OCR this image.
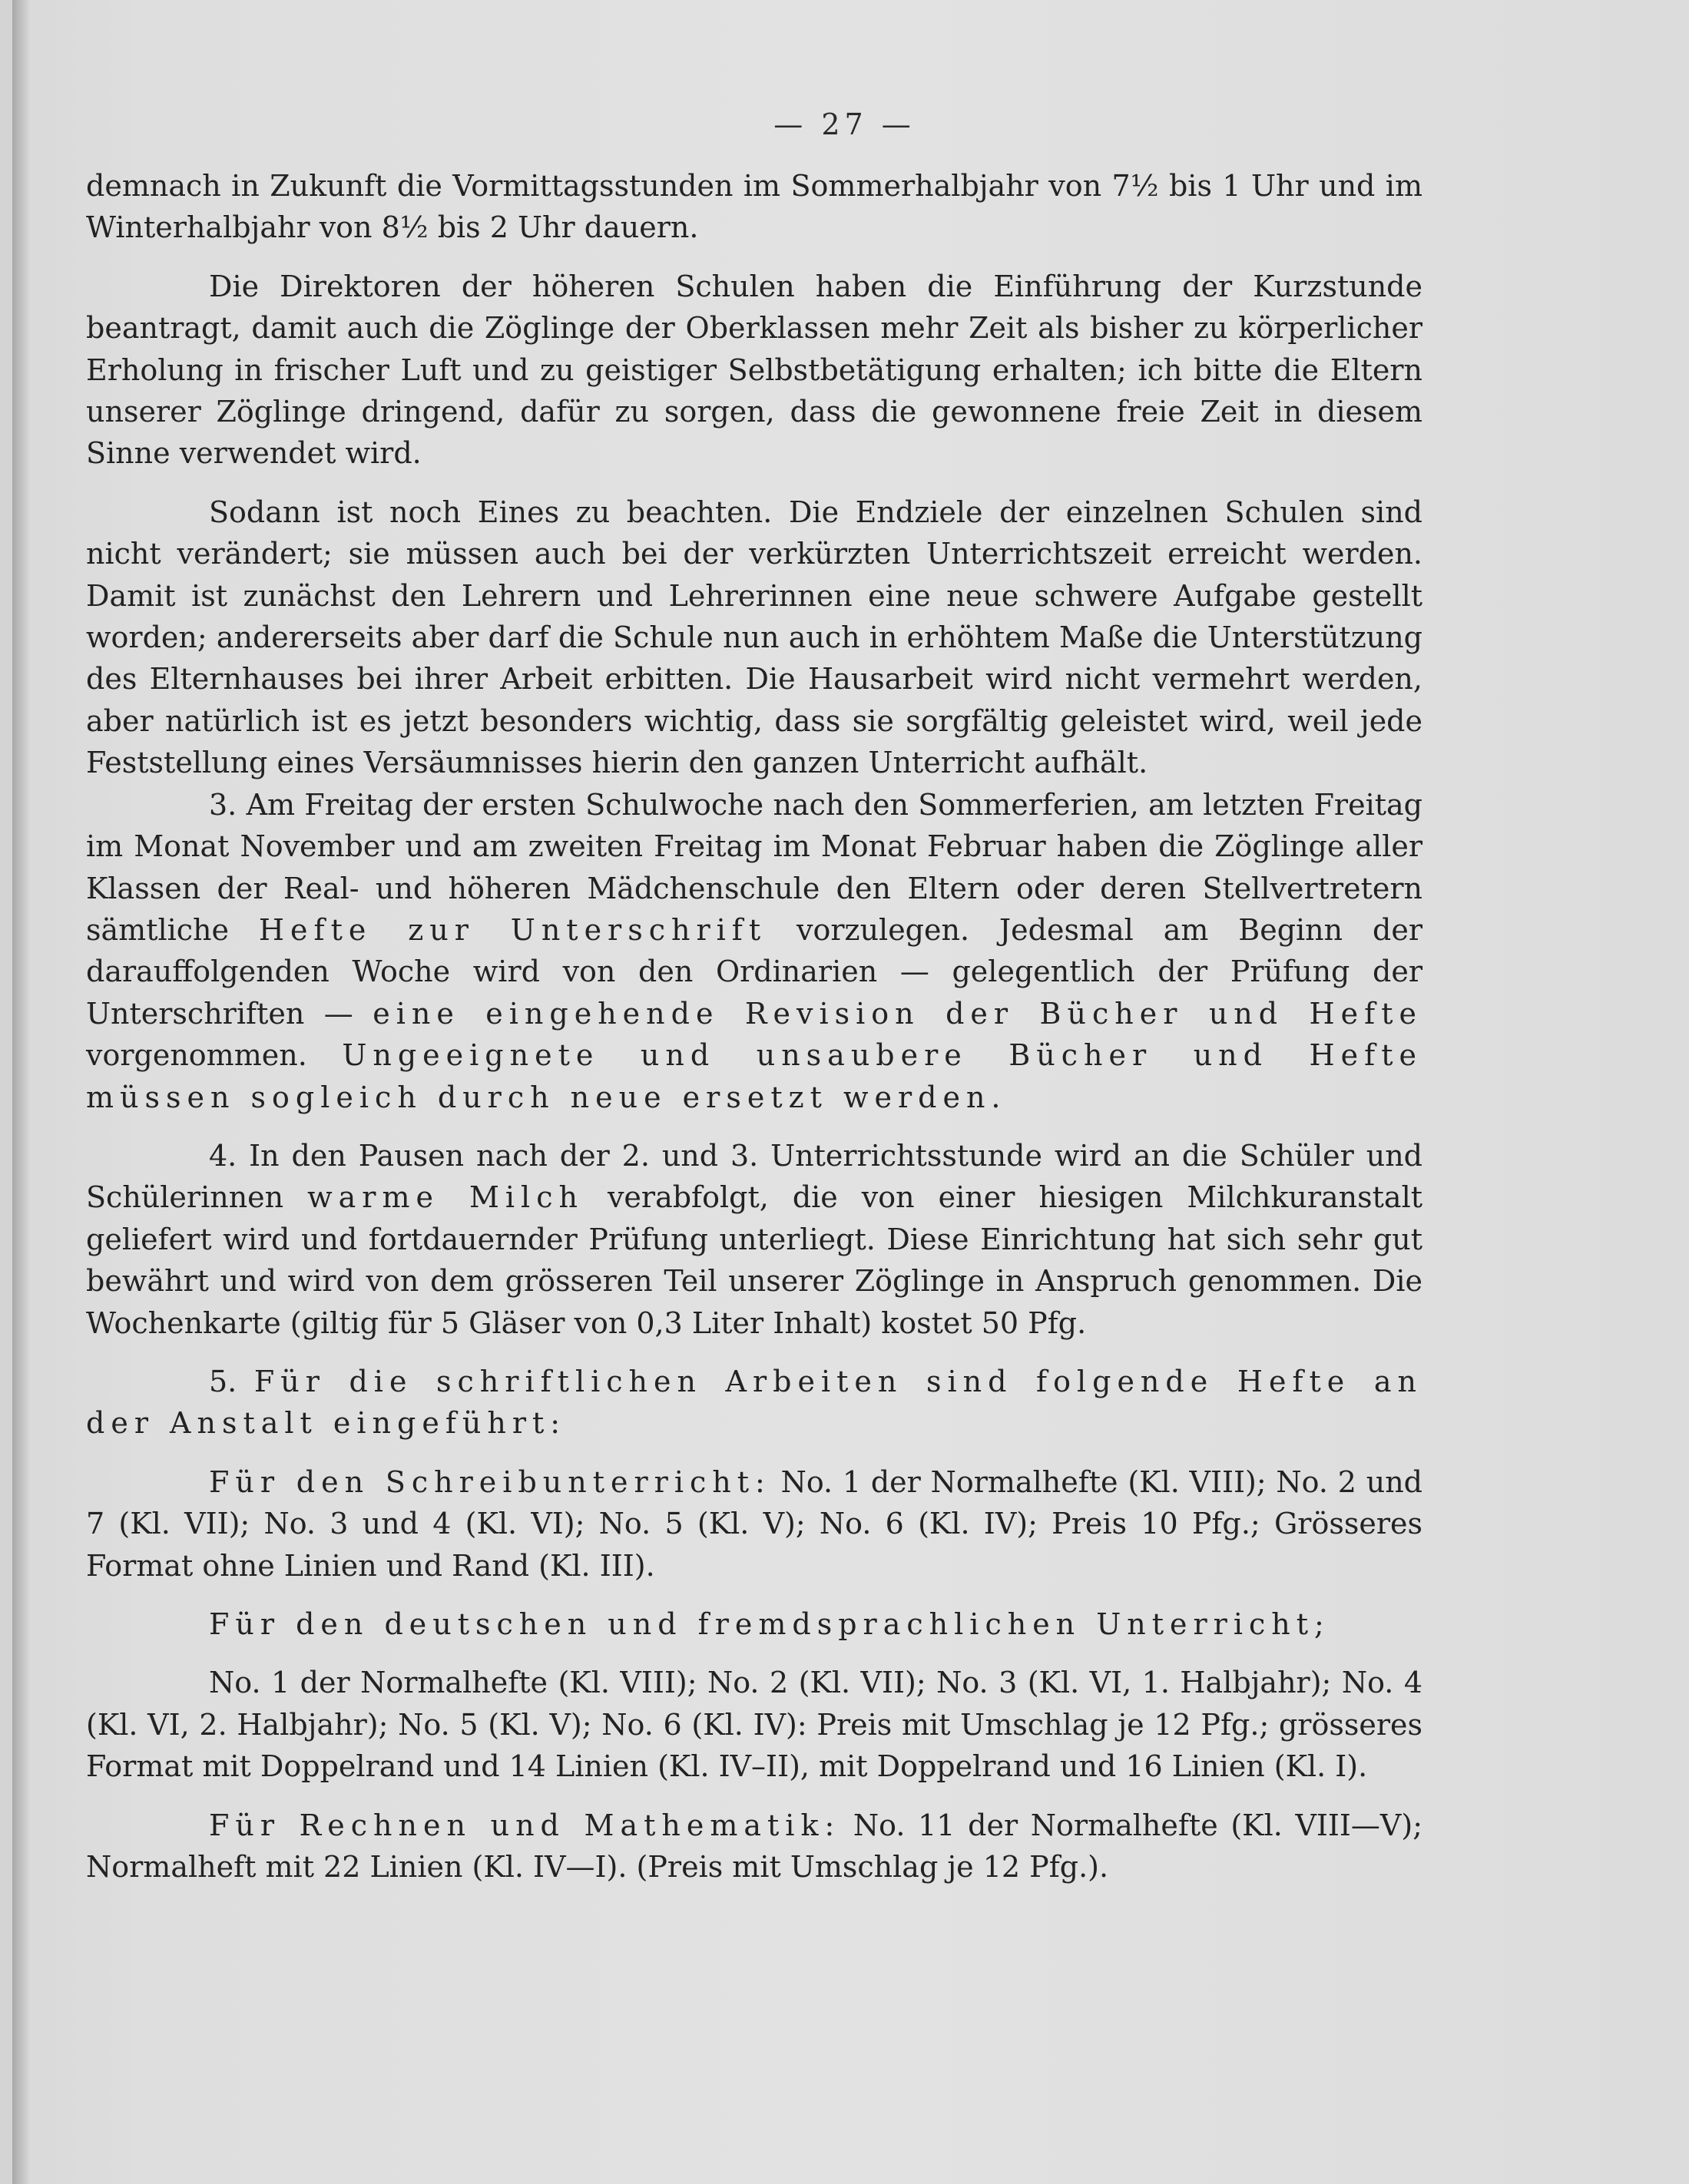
— 27 —

demnach in Zukunft die Vormittagsstunden im Sommerhalbjahr von 7½ bis 1 Uhr und im Winterhalbjahr von 8½ bis 2 Uhr dauern.

Die Direktoren der höheren Schulen haben die Einführung der Kurzstunde beantragt, damit auch die Zöglinge der Oberklassen mehr Zeit als bisher zu körperlicher Erholung in frischer Luft und zu geistiger Selbstbetätigung erhalten; ich bitte die Eltern unserer Zöglinge dringend, dafür zu sorgen, dass die gewonnene freie Zeit in diesem Sinne verwendet wird.

Sodann ist noch Eines zu beachten. Die Endziele der einzelnen Schulen sind nicht verändert; sie müssen auch bei der verkürzten Unterrichtszeit erreicht werden. Damit ist zunächst den Lehrern und Lehrerinnen eine neue schwere Aufgabe gestellt worden; andererseits aber darf die Schule nun auch in erhöhtem Maße die Unterstützung des Elternhauses bei ihrer Arbeit erbitten. Die Hausarbeit wird nicht vermehrt werden, aber natürlich ist es jetzt besonders wichtig, dass sie sorgfältig geleistet wird, weil jede Feststellung eines Versäumnisses hierin den ganzen Unterricht aufhält.

3. Am Freitag der ersten Schulwoche nach den Sommerferien, am letzten Freitag im Monat November und am zweiten Freitag im Monat Februar haben die Zöglinge aller Klassen der Real- und höheren Mädchenschule den Eltern oder deren Stellvertretern sämtliche Hefte zur Unterschrift vorzulegen. Jedesmal am Beginn der darauffolgenden Woche wird von den Ordinarien — gelegentlich der Prüfung der Unterschriften — eine eingehende Revision der Bücher und Hefte vorgenommen. Ungeeignete und unsaubere Bücher und Hefte müssen sogleich durch neue ersetzt werden.

4. In den Pausen nach der 2. und 3. Unterrichtsstunde wird an die Schüler und Schülerinnen warme Milch verabfolgt, die von einer hiesigen Milchkuranstalt geliefert wird und fortdauernder Prüfung unterliegt. Diese Einrichtung hat sich sehr gut bewährt und wird von dem grösseren Teil unserer Zöglinge in Anspruch genommen. Die Wochenkarte (giltig für 5 Gläser von 0,3 Liter Inhalt) kostet 50 Pfg.

5. Für die schriftlichen Arbeiten sind folgende Hefte an der Anstalt eingeführt:

Für den Schreibunterricht: No. 1 der Normalhefte (Kl. VIII); No. 2 und 7 (Kl. VII); No. 3 und 4 (Kl. VI); No. 5 (Kl. V); No. 6 (Kl. IV); Preis 10 Pfg.; Grösseres Format ohne Linien und Rand (Kl. III).

Für den deutschen und fremdsprachlichen Unterricht;

No. 1 der Normalhefte (Kl. VIII); No. 2 (Kl. VII); No. 3 (Kl. VI, 1. Halbjahr); No. 4 (Kl. VI, 2. Halbjahr); No. 5 (Kl. V); No. 6 (Kl. IV): Preis mit Umschlag je 12 Pfg.; grösseres Format mit Doppelrand und 14 Linien (Kl. IV–II), mit Doppelrand und 16 Linien (Kl. I).

Für Rechnen und Mathematik: No. 11 der Normalhefte (Kl. VIII—V); Normalheft mit 22 Linien (Kl. IV—I). (Preis mit Umschlag je 12 Pfg.).
